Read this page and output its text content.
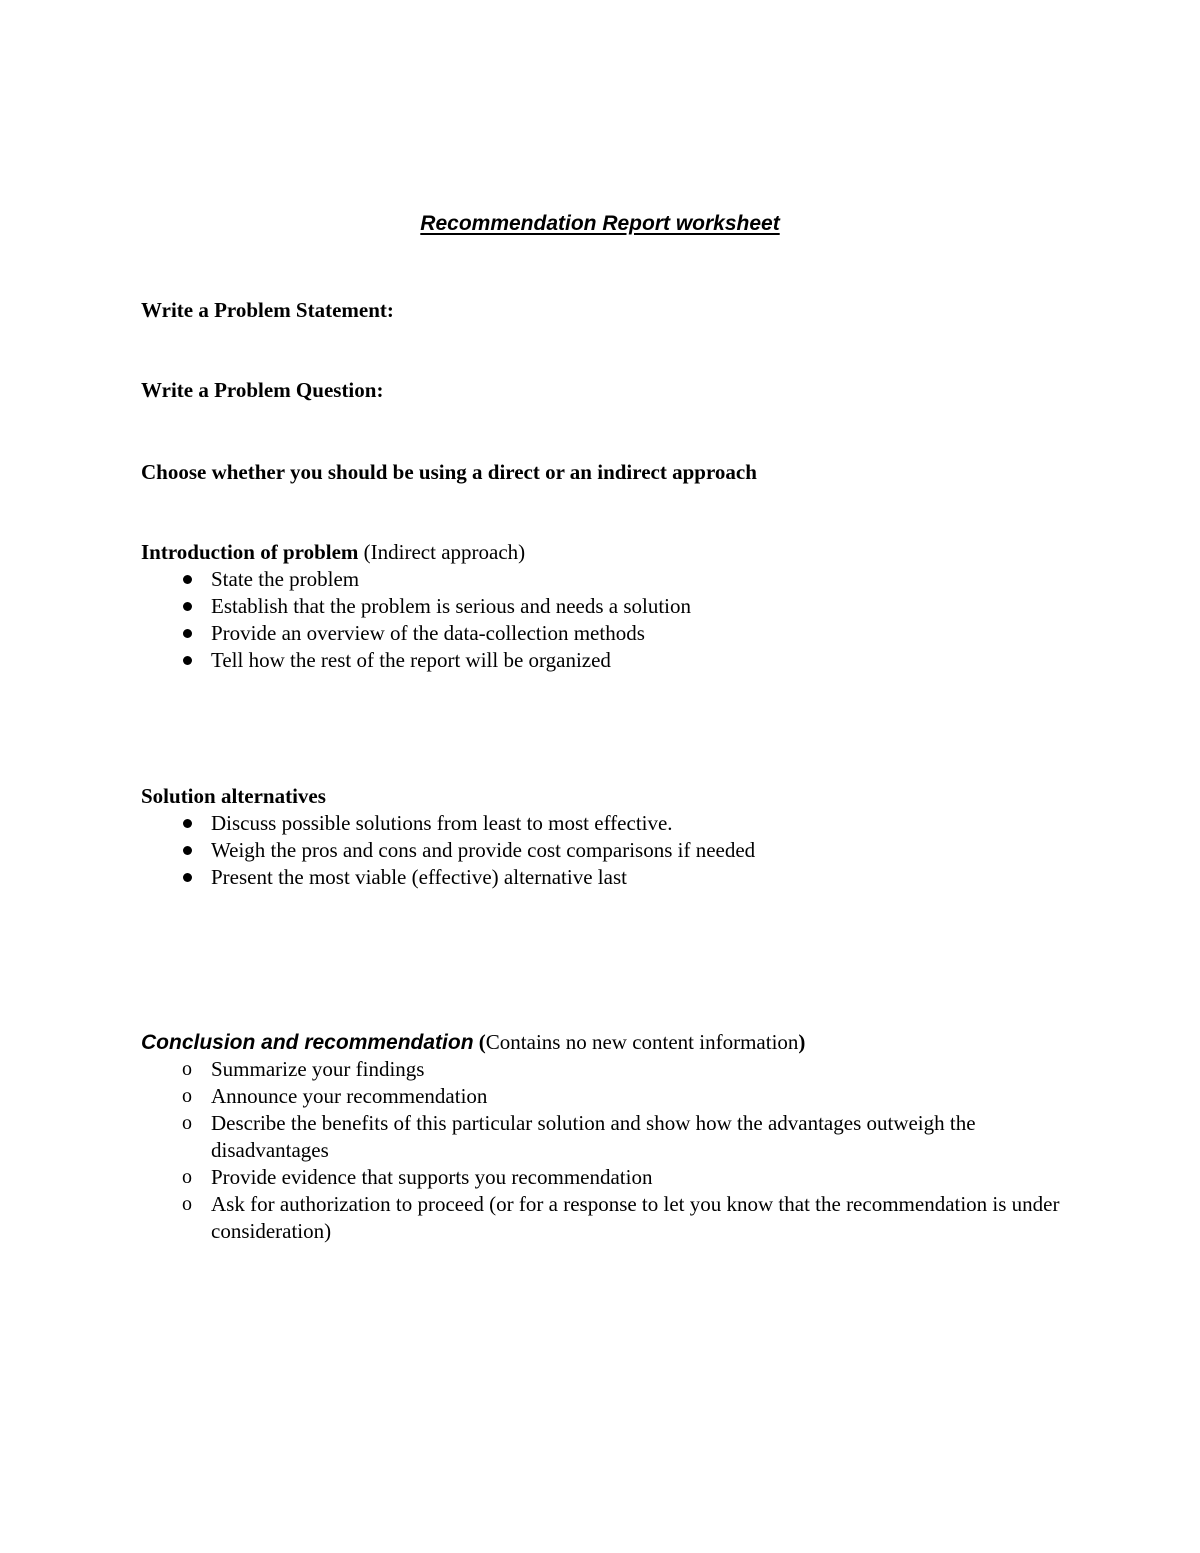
Recommendation Report worksheet

Write a Problem Statement:

Write a Problem Question:

Choose whether you should be using a direct or an indirect approach

Introduction of problem (Indirect approach)

State the problem
Establish that the problem is serious and needs a solution
Provide an overview of the data-collection methods
Tell how the rest of the report will be organized

Solution alternatives

Discuss possible solutions from least to most effective.
Weigh the pros and cons and provide cost comparisons if needed
Present the most viable (effective) alternative last

Conclusion and recommendation (Contains no new content information)

o Summarize your findings
o Announce your recommendation
o Describe the benefits of this particular solution and show how the advantages outweigh the disadvantages
o Provide evidence that supports you recommendation
o Ask for authorization to proceed (or for a response to let you know that the recommendation is under consideration)
